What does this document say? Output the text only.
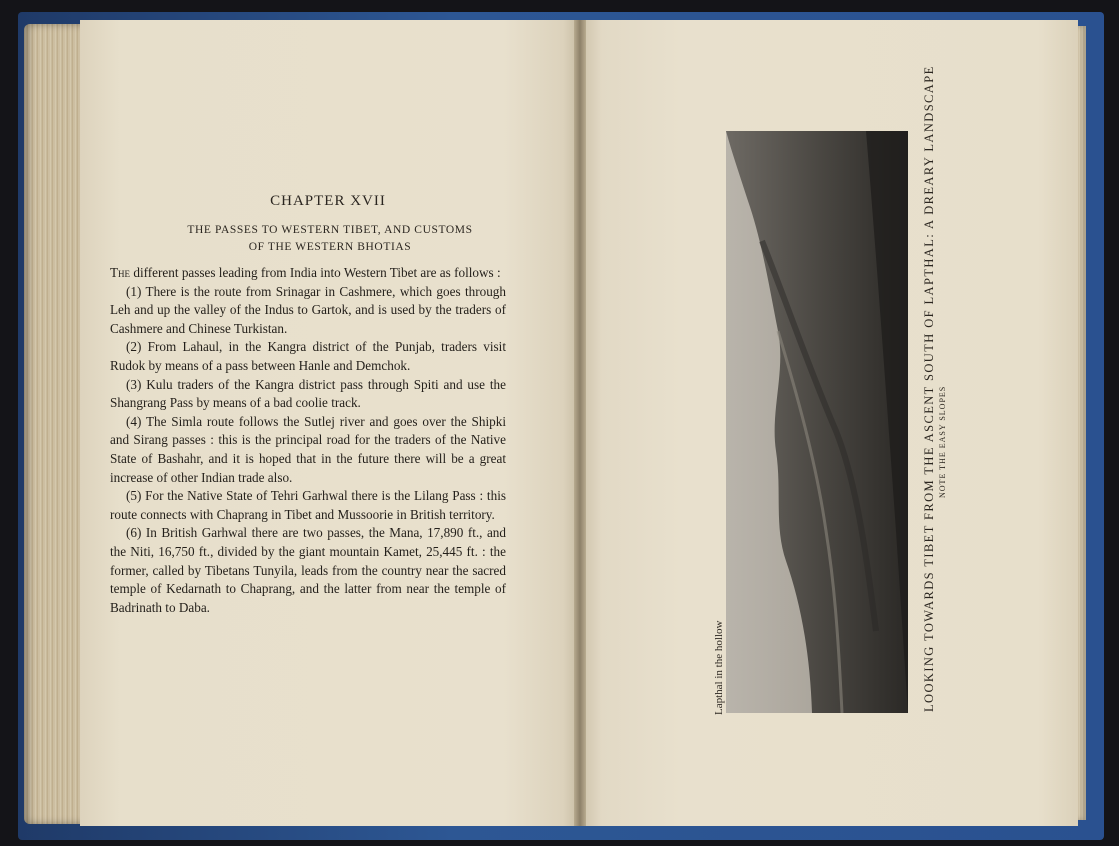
CHAPTER XVII
THE PASSES TO WESTERN TIBET, AND CUSTOMS
OF THE WESTERN BHOTIAS

The different passes leading from India into Western Tibet are as follows :

(1) There is the route from Srinagar in Cashmere, which goes through Leh and up the valley of the Indus to Gartok, and is used by the traders of Cashmere and Chinese Turkistan.

(2) From Lahaul, in the Kangra district of the Punjab, traders visit Rudok by means of a pass between Hanle and Demchok.

(3) Kulu traders of the Kangra district pass through Spiti and use the Shangrang Pass by means of a bad coolie track.

(4) The Simla route follows the Sutlej river and goes over the Shipki and Sirang passes : this is the principal road for the traders of the Native State of Bashahr, and it is hoped that in the future there will be a great increase of other Indian trade also.

(5) For the Native State of Tehri Garhwal there is the Lilang Pass : this route connects with Chaprang in Tibet and Mussoorie in British territory.

(6) In British Garhwal there are two passes, the Mana, 17,890 ft., and the Niti, 16,750 ft., divided by the giant mountain Kamet, 25,445 ft. : the former, called by Tibetans Tunyila, leads from the country near the sacred temple of Kedarnath to Chaprang, and the latter from near the temple of Badrinath to Daba.

Lapthal in the hollow	LOOKING TOWARDS TIBET FROM THE ASCENT SOUTH OF LAPTHAL: A DREARY LANDSCAPE NOTE THE EASY SLOPES
